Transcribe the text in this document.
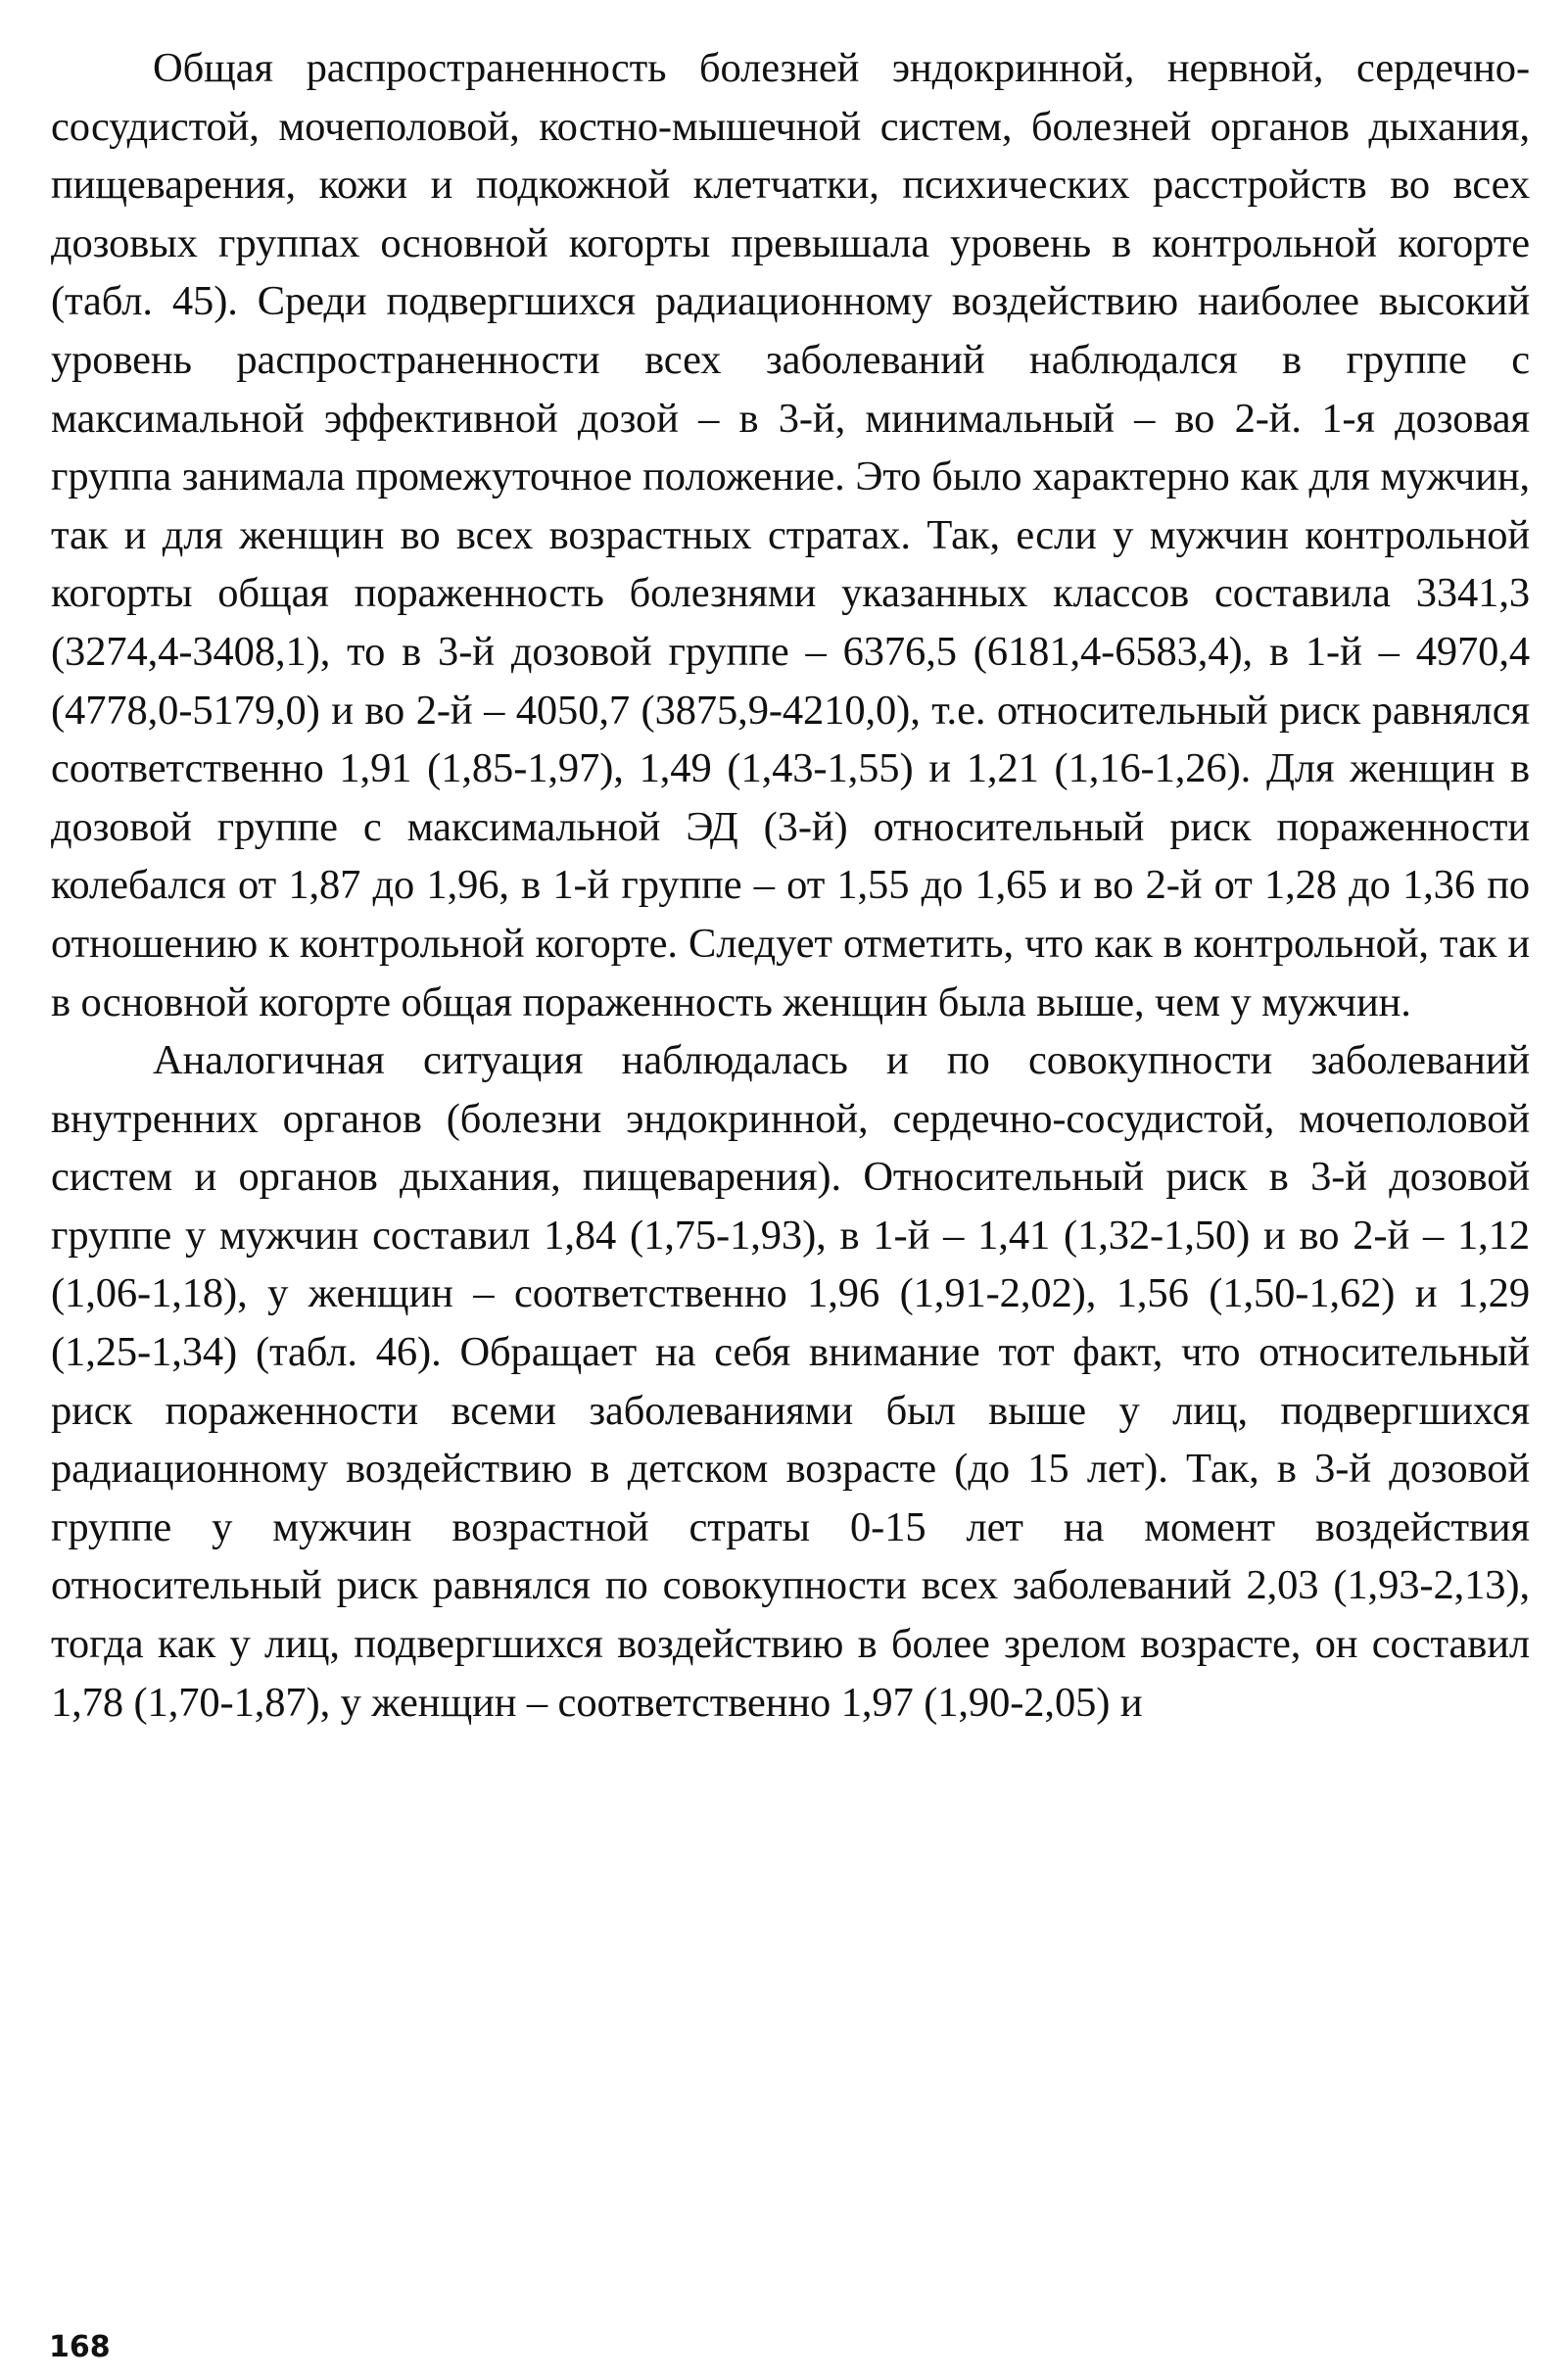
Общая распространенность болезней эндокринной, нервной, сердечно-сосудистой, мочеполовой, костно-мышечной систем, болезней органов дыхания, пищеварения, кожи и подкожной клетчатки, психических расстройств во всех дозовых группах основной когорты превышала уровень в контрольной когорте (табл. 45). Среди подвергшихся радиационному воздействию наиболее высокий уровень распространенности всех заболеваний наблюдался в группе с максимальной эффективной дозой – в 3-й, минимальный – во 2-й. 1-я дозовая группа занимала промежуточное положение. Это было характерно как для мужчин, так и для женщин во всех возрастных стратах. Так, если у мужчин контрольной когорты общая пораженность болезнями указанных классов составила 3341,3 (3274,4-3408,1), то в 3-й дозовой группе – 6376,5 (6181,4-6583,4), в 1-й – 4970,4 (4778,0-5179,0) и во 2-й – 4050,7 (3875,9-4210,0), т.е. относительный риск равнялся соответственно 1,91 (1,85-1,97), 1,49 (1,43-1,55) и 1,21 (1,16-1,26). Для женщин в дозовой группе с максимальной ЭД (3-й) относительный риск пораженности колебался от 1,87 до 1,96, в 1-й группе – от 1,55 до 1,65 и во 2-й от 1,28 до 1,36 по отношению к контрольной когорте. Следует отметить, что как в контрольной, так и в основной когорте общая пораженность женщин была выше, чем у мужчин.

Аналогичная ситуация наблюдалась и по совокупности заболеваний внутренних органов (болезни эндокринной, сердечно-сосудистой, мочеполовой систем и органов дыхания, пищеварения). Относительный риск в 3-й дозовой группе у мужчин составил 1,84 (1,75-1,93), в 1-й – 1,41 (1,32-1,50) и во 2-й – 1,12 (1,06-1,18), у женщин – соответственно 1,96 (1,91-2,02), 1,56 (1,50-1,62) и 1,29 (1,25-1,34) (табл. 46). Обращает на себя внимание тот факт, что относительный риск пораженности всеми заболеваниями был выше у лиц, подвергшихся радиационному воздействию в детском возрасте (до 15 лет). Так, в 3-й дозовой группе у мужчин возрастной страты 0-15 лет на момент воздействия относительный риск равнялся по совокупности всех заболеваний 2,03 (1,93-2,13), тогда как у лиц, подвергшихся воздействию в более зрелом возрасте, он составил 1,78 (1,70-1,87), у женщин – соответственно 1,97 (1,90-2,05) и

168
